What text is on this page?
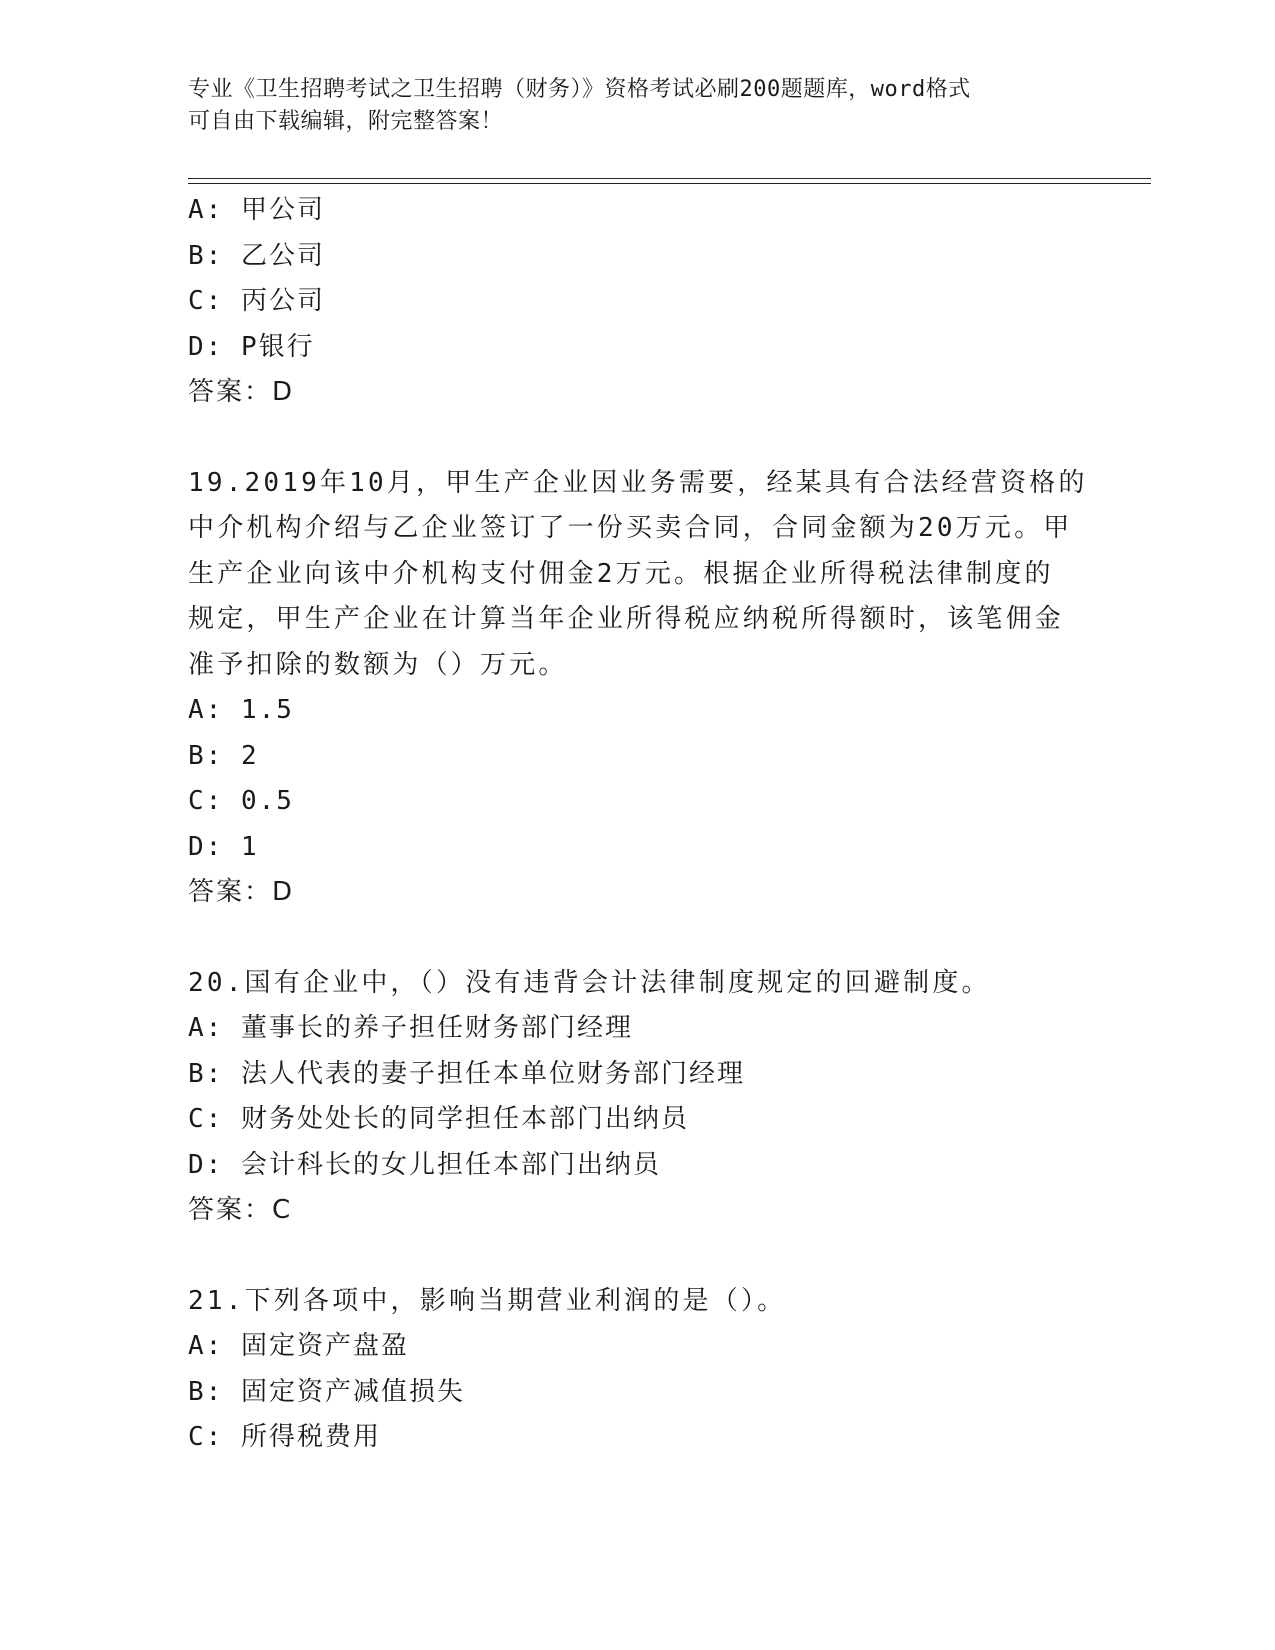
专业《卫生招聘考试之卫生招聘（财务）》资格考试必刷200题题库，word格式
可自由下载编辑，附完整答案！
A: 甲公司
B: 乙公司
C: 丙公司
D: P银行
答案：D
19.2019年10月，甲生产企业因业务需要，经某具有合法经营资格的
中介机构介绍与乙企业签订了一份买卖合同，合同金额为20万元。甲
生产企业向该中介机构支付佣金2万元。根据企业所得税法律制度的
规定，甲生产企业在计算当年企业所得税应纳税所得额时，该笔佣金
准予扣除的数额为（）万元。
A: 1.5
B: 2
C: 0.5
D: 1
答案：D
20.国有企业中，（）没有违背会计法律制度规定的回避制度。
A: 董事长的养子担任财务部门经理
B: 法人代表的妻子担任本单位财务部门经理
C: 财务处处长的同学担任本部门出纳员
D: 会计科长的女儿担任本部门出纳员
答案：C
21.下列各项中，影响当期营业利润的是（）。
A: 固定资产盘盈
B: 固定资产减值损失
C: 所得税费用
